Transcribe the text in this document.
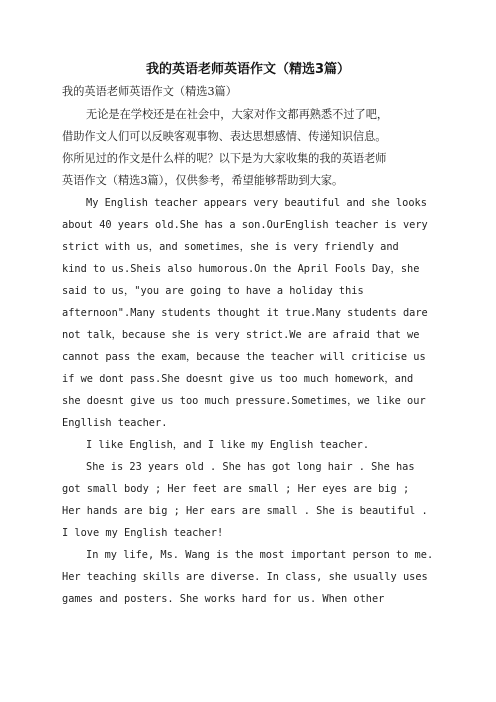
我的英语老师英语作文（精选3篇）
我的英语老师英语作文（精选3篇）
无论是在学校还是在社会中，大家对作文都再熟悉不过了吧，
借助作文人们可以反映客观事物、表达思想感情、传递知识信息。
你所见过的作文是什么样的呢？以下是为大家收集的我的英语老师
英语作文（精选3篇），仅供参考，希望能够帮助到大家。
My English teacher appears very beautiful and she looks
about 40 years old.She has a son.OurEnglish teacher is very
strict with us，and sometimes，she is very friendly and
kind to us.Sheis also humorous.On the April Fools Day，she
said to us，"you are going to have a holiday this
afternoon".Many students thought it true.Many students dare
not talk，because she is very strict.We are afraid that we
cannot pass the exam，because the teacher will criticise us
if we dont pass.She doesnt give us too much homework，and
she doesnt give us too much pressure.Sometimes，we like our
Engllish teacher.
I like English，and I like my English teacher.
She is 23 years old . She has got long hair . She has
got small body ; Her feet are small ; Her eyes are big ;
Her hands are big ; Her ears are small . She is beautiful .
I love my English teacher!
In my life, Ms. Wang is the most important person to me.
Her teaching skills are diverse. In class, she usually uses
games and posters. She works hard for us. When other
